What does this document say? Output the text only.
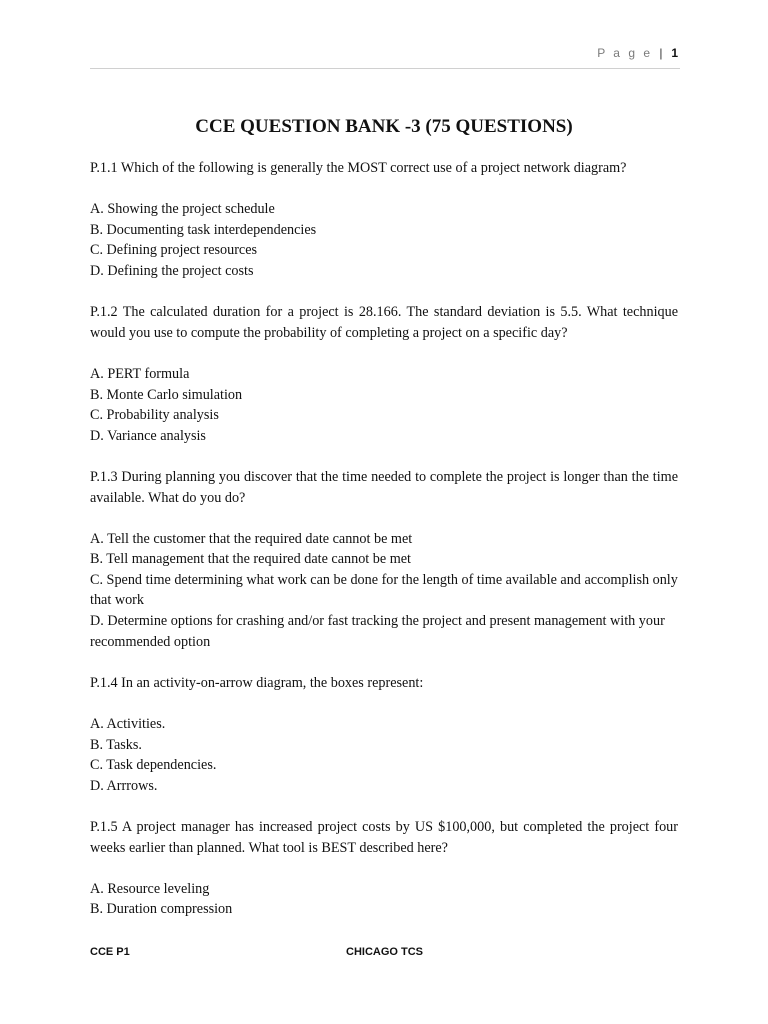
P a g e | 1
CCE QUESTION BANK -3 (75 QUESTIONS)
P.1.1 Which of the following is generally the MOST correct use of a project network diagram?
A. Showing the project schedule
B. Documenting task interdependencies
C. Defining project resources
D. Defining the project costs
P.1.2 The calculated duration for a project is 28.166. The standard deviation is 5.5. What technique would you use to compute the probability of completing a project on a specific day?
A. PERT formula
B. Monte Carlo simulation
C. Probability analysis
D. Variance analysis
P.1.3 During planning you discover that the time needed to complete the project is longer than the time available. What do you do?
A. Tell the customer that the required date cannot be met
B. Tell management that the required date cannot be met
C. Spend time determining what work can be done for the length of time available and accomplish only that work
D. Determine options for crashing and/or fast tracking the project and present management with your recommended option
P.1.4 In an activity-on-arrow diagram, the boxes represent:
A. Activities.
B. Tasks.
C. Task dependencies.
D. Arrrows.
P.1.5 A project manager has increased project costs by US $100,000, but completed the project four weeks earlier than planned. What tool is BEST described here?
A. Resource leveling
B. Duration compression
CCE P1	CHICAGO TCS
